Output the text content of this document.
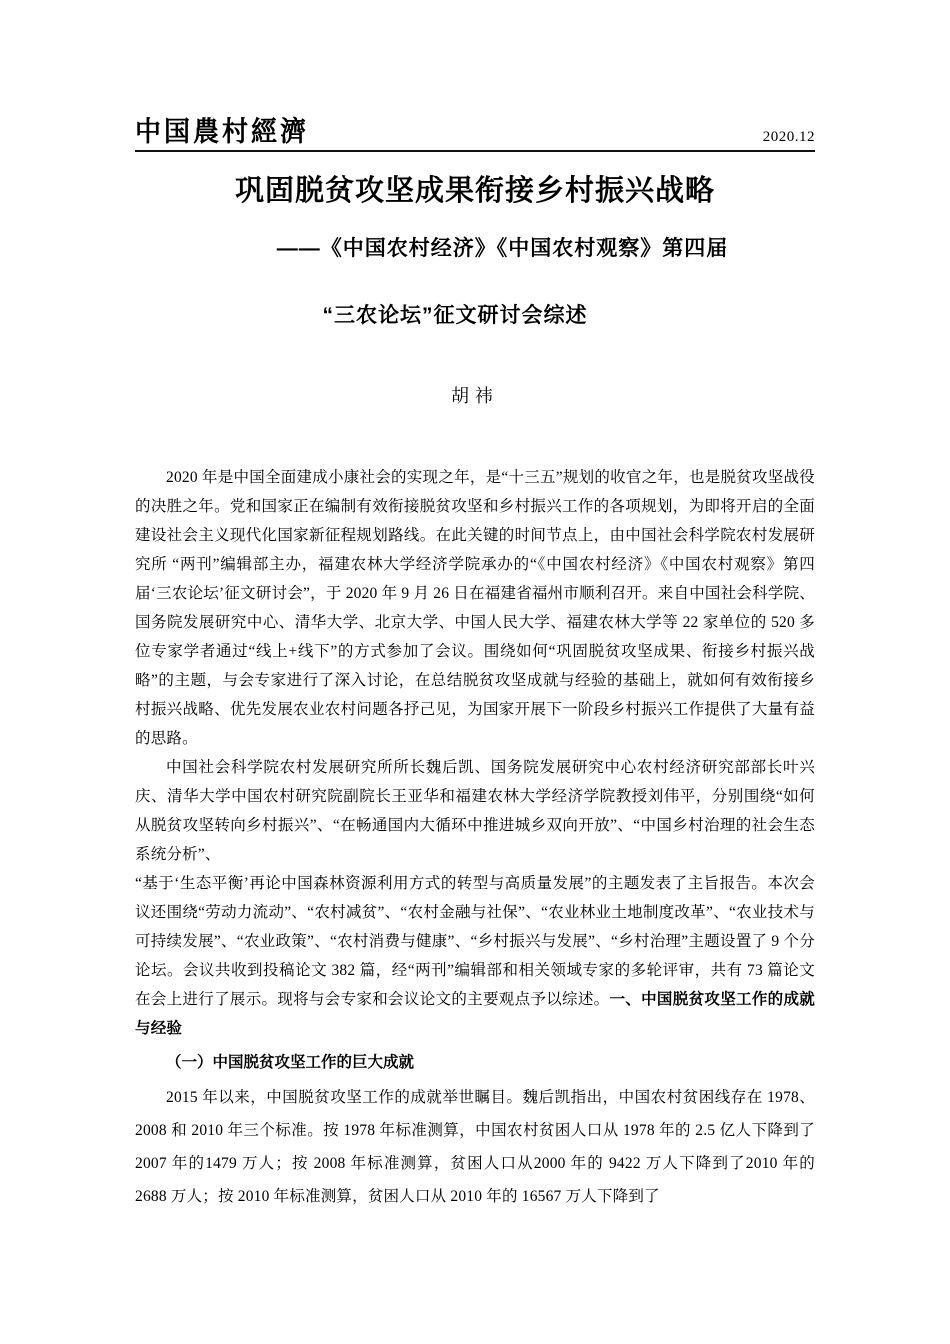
中国農村經濟	2020.12
巩固脱贫攻坚成果衔接乡村振兴战略
——《中国农村经济》《中国农村观察》第四届
“三农论坛”征文研讨会综述
胡祎

2020 年是中国全面建成小康社会的实现之年，是“十三五”规划的收官之年，也是脱贫攻坚战役的决胜之年。党和国家正在编制有效衔接脱贫攻坚和乡村振兴工作的各项规划，为即将开启的全面建设社会主义现代化国家新征程规划路线。在此关键的时间节点上，由中国社会科学院农村发展研究所 “两刊”编辑部主办，福建农林大学经济学院承办的“《中国农村经济》《中国农村观察》第四届‘三农论坛’征文研讨会”，于 2020 年 9 月 26 日在福建省福州市顺利召开。来自中国社会科学院、国务院发展研究中心、清华大学、北京大学、中国人民大学、福建农林大学等 22 家单位的 520 多位专家学者通过“线上+线下”的方式参加了会议。围绕如何“巩固脱贫攻坚成果、衔接乡村振兴战略”的主题，与会专家进行了深入讨论，在总结脱贫攻坚成就与经验的基础上，就如何有效衔接乡村振兴战略、优先发展农业农村问题各抒己见，为国家开展下一阶段乡村振兴工作提供了大量有益的思路。

中国社会科学院农村发展研究所所长魏后凯、国务院发展研究中心农村经济研究部部长叶兴庆、清华大学中国农村研究院副院长王亚华和福建农林大学经济学院教授刘伟平，分别围绕“如何从脱贫攻坚转向乡村振兴”、“在畅通国内大循环中推进城乡双向开放”、“中国乡村治理的社会生态系统分析”、

“基于‘生态平衡’再论中国森林资源利用方式的转型与高质量发展”的主题发表了主旨报告。本次会议还围绕“劳动力流动”、“农村减贫”、“农村金融与社保”、“农业林业土地制度改革”、“农业技术与可持续发展”、“农业政策”、“农村消费与健康”、“乡村振兴与发展”、“乡村治理”主题设置了 9 个分论坛。会议共收到投稿论文 382 篇，经“两刊”编辑部和相关领域专家的多轮评审，共有 73 篇论文在会上进行了展示。现将与会专家和会议论文的主要观点予以综述。一、中国脱贫攻坚工作的成就与经验

（一）中国脱贫攻坚工作的巨大成就

2015 年以来，中国脱贫攻坚工作的成就举世瞩目。魏后凯指出，中国农村贫困线存在 1978、2008 和 2010 年三个标准。按 1978 年标准测算，中国农村贫困人口从 1978 年的 2.5 亿人下降到了 2007 年的1479 万人；按 2008 年标准测算，贫困人口从2000 年的 9422 万人下降到了2010 年的 2688 万人；按 2010 年标准测算，贫困人口从 2010 年的 16567 万人下降到了
